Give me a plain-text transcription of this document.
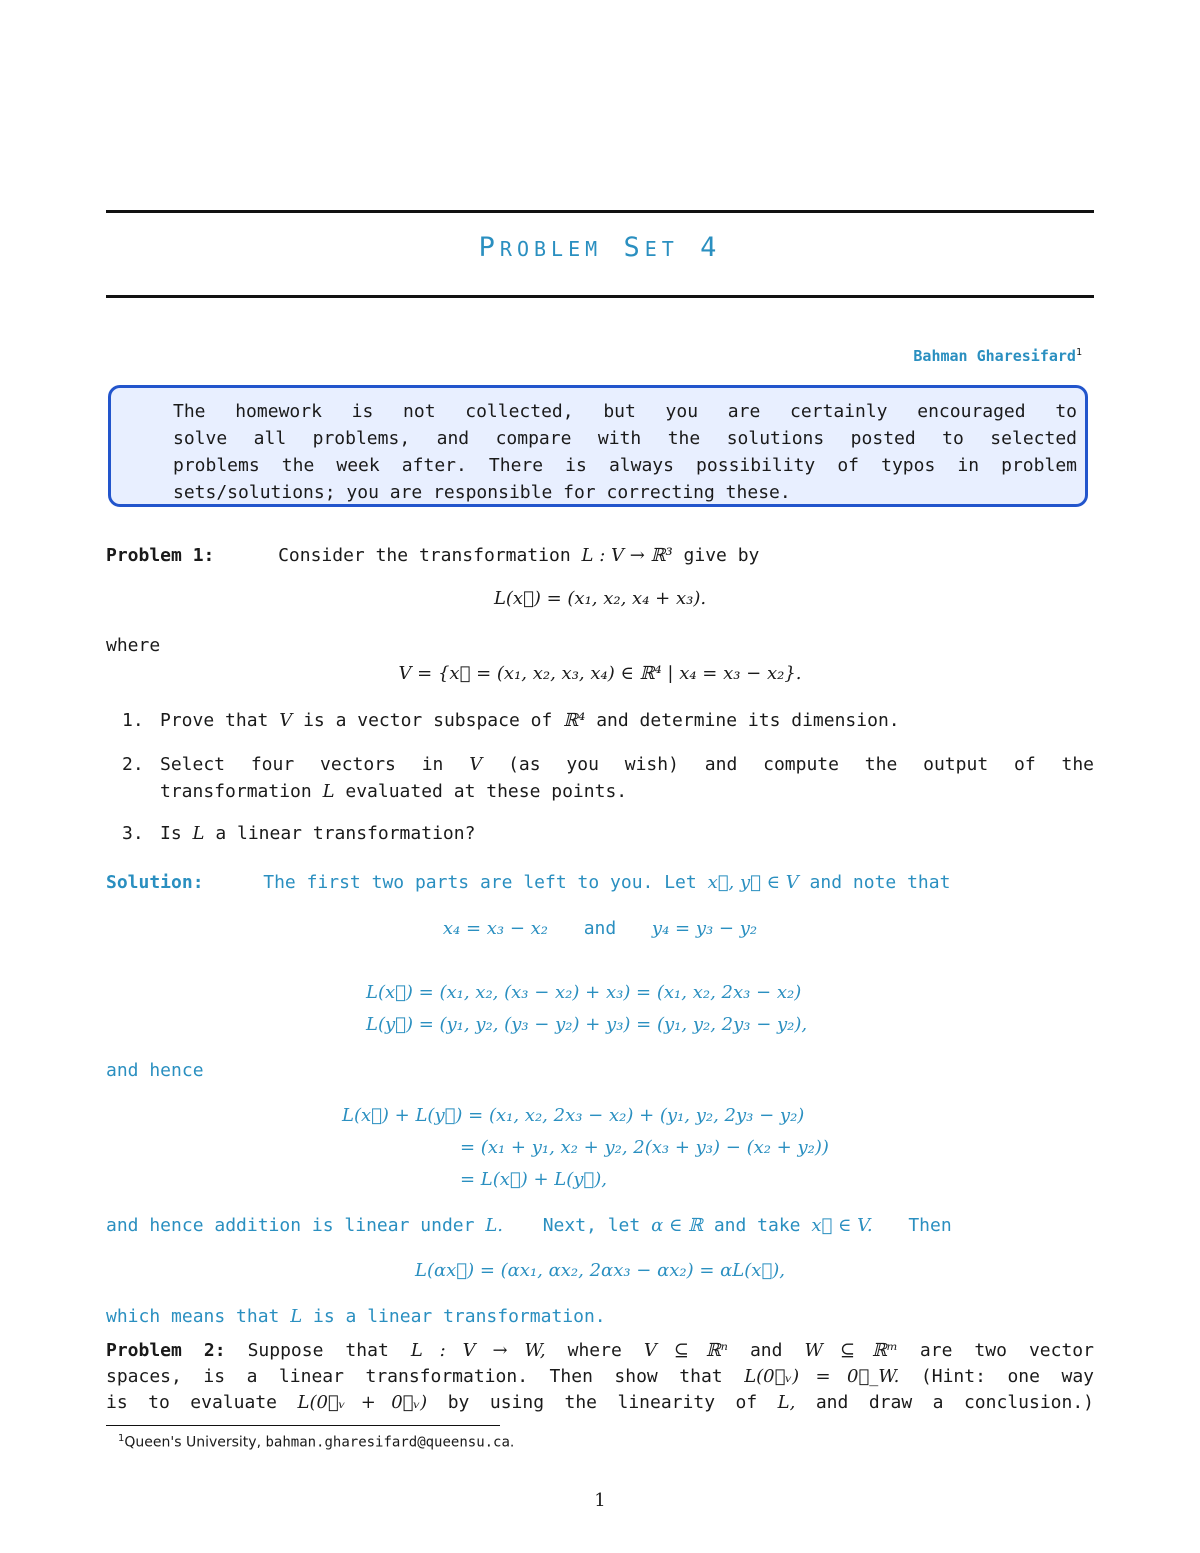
PROBLEM SET 4
Bahman Gharesifard$^1$
The homework is not collected, but you are certainly encouraged to
solve all problems, and compare with the solutions posted to selected
problems the week after. There is always possibility of typos in problem
sets/solutions; you are responsible for correcting these.
Problem 1:	Consider the transformation L : V → ℝ³ give by
L(x⃗) = (x₁, x₂, x₄ + x₃).
where
V = {x⃗ = (x₁, x₂, x₃, x₄) ∈ ℝ⁴ | x₄ = x₃ − x₂}.
1. Prove that V is a vector subspace of ℝ⁴ and determine its dimension.
2. Select four vectors in V (as you wish) and compute the output of the
transformation L evaluated at these points.
3. Is L a linear transformation?
Solution:	The first two parts are left to you. Let x⃗, y⃗ ∈ V and note that
x₄ = x₃ − x₂ and y₄ = y₃ − y₂
L(x⃗) = (x₁, x₂, (x₃ − x₂) + x₃) = (x₁, x₂, 2x₃ − x₂)
L(y⃗) = (y₁, y₂, (y₃ − y₂) + y₃) = (y₁, y₂, 2y₃ − y₂),
and hence
L(x⃗) + L(y⃗) = (x₁, x₂, 2x₃ − x₂) + (y₁, y₂, 2y₃ − y₂)
= (x₁ + y₁, x₂ + y₂, 2(x₃ + y₃) − (x₂ + y₂))
= L(x⃗) + L(y⃗),
and hence addition is linear under L. Next, let α ∈ ℝ and take x⃗ ∈ V. Then
L(αx⃗) = (αx₁, αx₂, 2αx₃ − αx₂) = αL(x⃗),
which means that L is a linear transformation.
Problem 2: Suppose that L : V → W, where V ⊆ ℝⁿ and W ⊆ ℝᵐ are two vector
spaces, is a linear transformation. Then show that L(0⃗ᵥ) = 0⃗_W. (Hint: one way
is to evaluate L(0⃗ᵥ + 0⃗ᵥ) by using the linearity of L, and draw a conclusion.)
$^1$Queen's University, bahman.gharesifard@queensu.ca.
1
